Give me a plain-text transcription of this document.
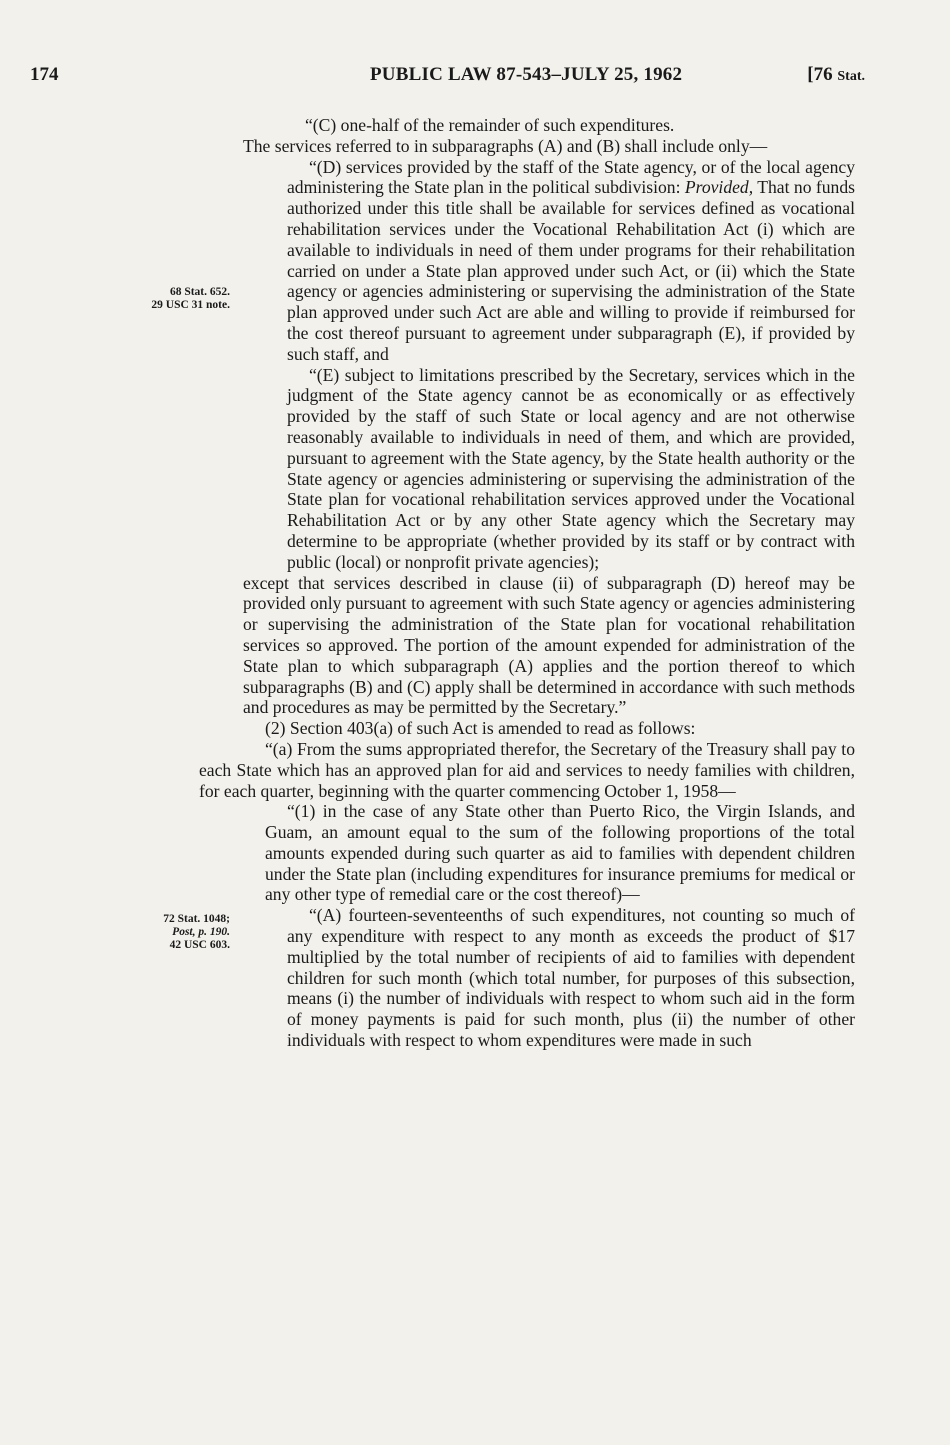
174	PUBLIC LAW 87-543–JULY 25, 1962	[76 Stat.
68 Stat. 652.
29 USC 31 note.
72 Stat. 1048;
Post, p. 190.
42 USC 603.

“(C) one-half of the remainder of such expenditures.

The services referred to in subparagraphs (A) and (B) shall include only—

“(D) services provided by the staff of the State agency, or of the local agency administering the State plan in the political subdivision: Provided, That no funds authorized under this title shall be available for services defined as vocational rehabilitation services under the Vocational Rehabilitation Act (i) which are available to individuals in need of them under programs for their rehabilitation carried on under a State plan approved under such Act, or (ii) which the State agency or agencies administering or supervising the administration of the State plan approved under such Act are able and willing to provide if reimbursed for the cost thereof pursuant to agreement under subparagraph (E), if provided by such staff, and

“(E) subject to limitations prescribed by the Secretary, services which in the judgment of the State agency cannot be as economically or as effectively provided by the staff of such State or local agency and are not otherwise reasonably available to individuals in need of them, and which are provided, pursuant to agreement with the State agency, by the State health authority or the State agency or agencies administering or supervising the administration of the State plan for vocational rehabilitation services approved under the Vocational Rehabilitation Act or by any other State agency which the Secretary may determine to be appropriate (whether provided by its staff or by contract with public (local) or nonprofit private agencies);

except that services described in clause (ii) of subparagraph (D) hereof may be provided only pursuant to agreement with such State agency or agencies administering or supervising the administration of the State plan for vocational rehabilitation services so approved. The portion of the amount expended for administration of the State plan to which subparagraph (A) applies and the portion thereof to which subparagraphs (B) and (C) apply shall be determined in accordance with such methods and procedures as may be permitted by the Secretary.”

(2) Section 403(a) of such Act is amended to read as follows:

“(a) From the sums appropriated therefor, the Secretary of the Treasury shall pay to each State which has an approved plan for aid and services to needy families with children, for each quarter, beginning with the quarter commencing October 1, 1958—

“(1) in the case of any State other than Puerto Rico, the Virgin Islands, and Guam, an amount equal to the sum of the following proportions of the total amounts expended during such quarter as aid to families with dependent children under the State plan (including expenditures for insurance premiums for medical or any other type of remedial care or the cost thereof)—

“(A) fourteen-seventeenths of such expenditures, not counting so much of any expenditure with respect to any month as exceeds the product of $17 multiplied by the total number of recipients of aid to families with dependent children for such month (which total number, for purposes of this subsection, means (i) the number of individuals with respect to whom such aid in the form of money payments is paid for such month, plus (ii) the number of other individuals with respect to whom expenditures were made in such
